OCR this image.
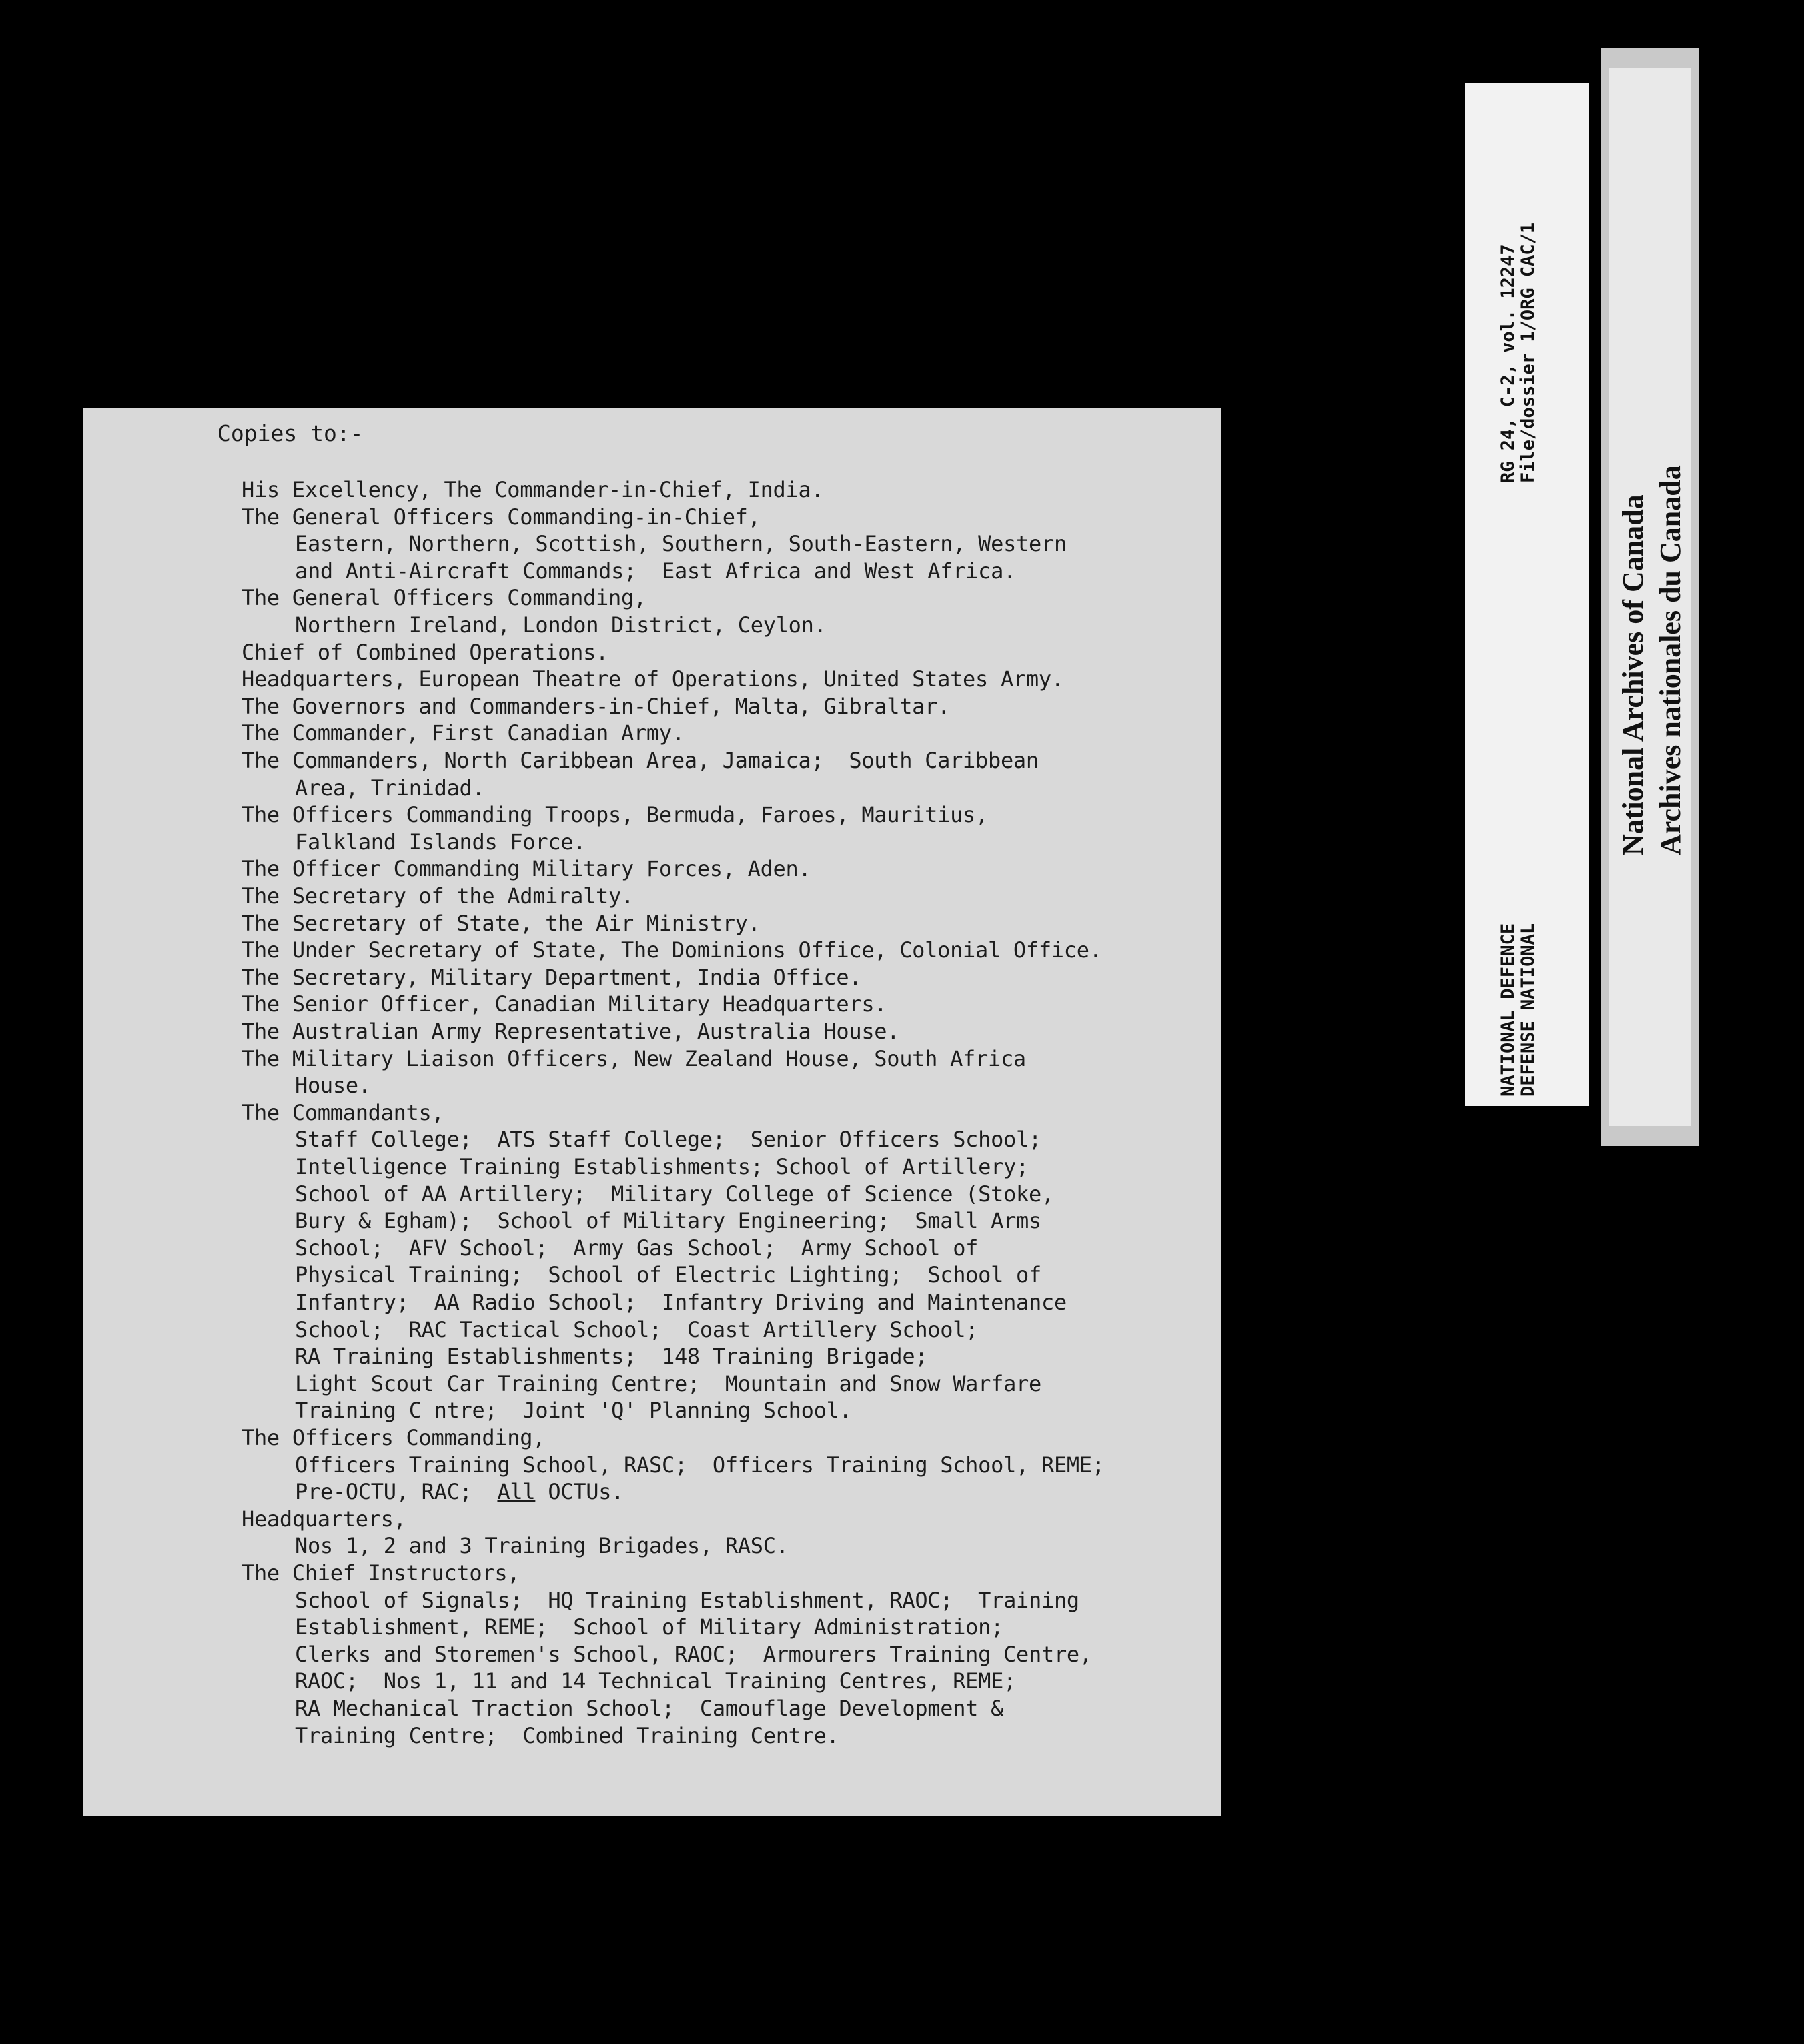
Copies to:-
His Excellency, The Commander-in-Chief, India.
The General Officers Commanding-in-Chief,
Eastern, Northern, Scottish, Southern, South-Eastern, Western
and Anti-Aircraft Commands;  East Africa and West Africa.
The General Officers Commanding,
Northern Ireland, London District, Ceylon.
Chief of Combined Operations.
Headquarters, European Theatre of Operations, United States Army.
The Governors and Commanders-in-Chief, Malta, Gibraltar.
The Commander, First Canadian Army.
The Commanders, North Caribbean Area, Jamaica;  South Caribbean
Area, Trinidad.
The Officers Commanding Troops, Bermuda, Faroes, Mauritius,
Falkland Islands Force.
The Officer Commanding Military Forces, Aden.
The Secretary of the Admiralty.
The Secretary of State, the Air Ministry.
The Under Secretary of State, The Dominions Office, Colonial Office.
The Secretary, Military Department, India Office.
The Senior Officer, Canadian Military Headquarters.
The Australian Army Representative, Australia House.
The Military Liaison Officers, New Zealand House, South Africa
House.
The Commandants,
Staff College;  ATS Staff College;  Senior Officers School;
Intelligence Training Establishments; School of Artillery;
School of AA Artillery;  Military College of Science (Stoke,
Bury & Egham);  School of Military Engineering;  Small Arms
School;  AFV School;  Army Gas School;  Army School of
Physical Training;  School of Electric Lighting;  School of
Infantry;  AA Radio School;  Infantry Driving and Maintenance
School;  RAC Tactical School;  Coast Artillery School;
RA Training Establishments;  148 Training Brigade;
Light Scout Car Training Centre;  Mountain and Snow Warfare
Training C ntre;  Joint 'Q' Planning School.
The Officers Commanding,
Officers Training School, RASC;  Officers Training School, REME;
Pre-OCTU, RAC;  All OCTUs.
Headquarters,
Nos 1, 2 and 3 Training Brigades, RASC.
The Chief Instructors,
School of Signals;  HQ Training Establishment, RAOC;  Training
Establishment, REME;  School of Military Administration;
Clerks and Storemen's School, RAOC;  Armourers Training Centre,
RAOC;  Nos 1, 11 and 14 Technical Training Centres, REME;
RA Mechanical Traction School;  Camouflage Development &
Training Centre;  Combined Training Centre.
RG 24, C-2, vol. 12247 File/dossier 1/ORG CAC/1
NATIONAL DEFENCE DEFENSE NATIONAL
National Archives of Canada Archives nationales du Canada
